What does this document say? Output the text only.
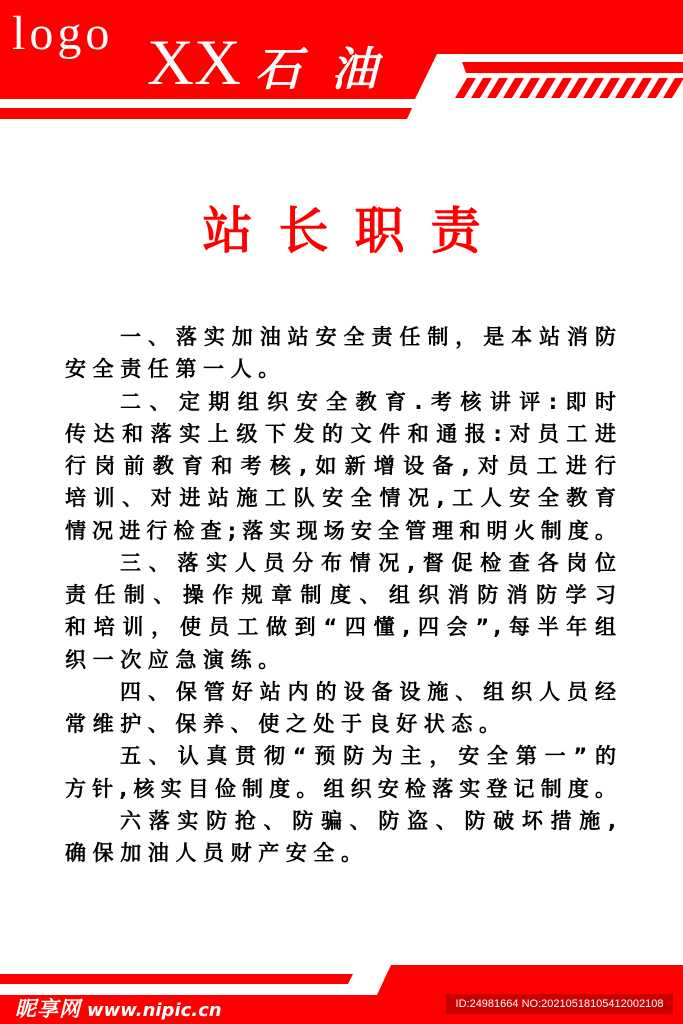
logo XX 石油
站长职责
一、落实加油站安全责任制，是本站消防
安全责任第一人。
二、定期组织安全教育.考核讲评:即时
传达和落实上级下发的文件和通报:对员工进
行岗前教育和考核,如新增设备,对员工进行
培训、对进站施工队安全情况,工人安全教育
情况进行检查;落实现场安全管理和明火制度。
三、落实人员分布情况,督促检查各岗位
责任制、操作规章制度、组织消防消防学习
和培训，使员工做到“四懂,四会”,每半年组
织一次应急演练。
四、保管好站内的设备设施、组织人员经
常维护、保养、使之处于良好状态。
五、认真贯彻“预防为主，安全第一”的
方针,核实目俭制度。组织安检落实登记制度。
六落实防抢、防骗、防盗、防破坏措施,
确保加油人员财产安全。
昵享网 www.nipic.cn	ID:24981664 NO:20210518105412002108
